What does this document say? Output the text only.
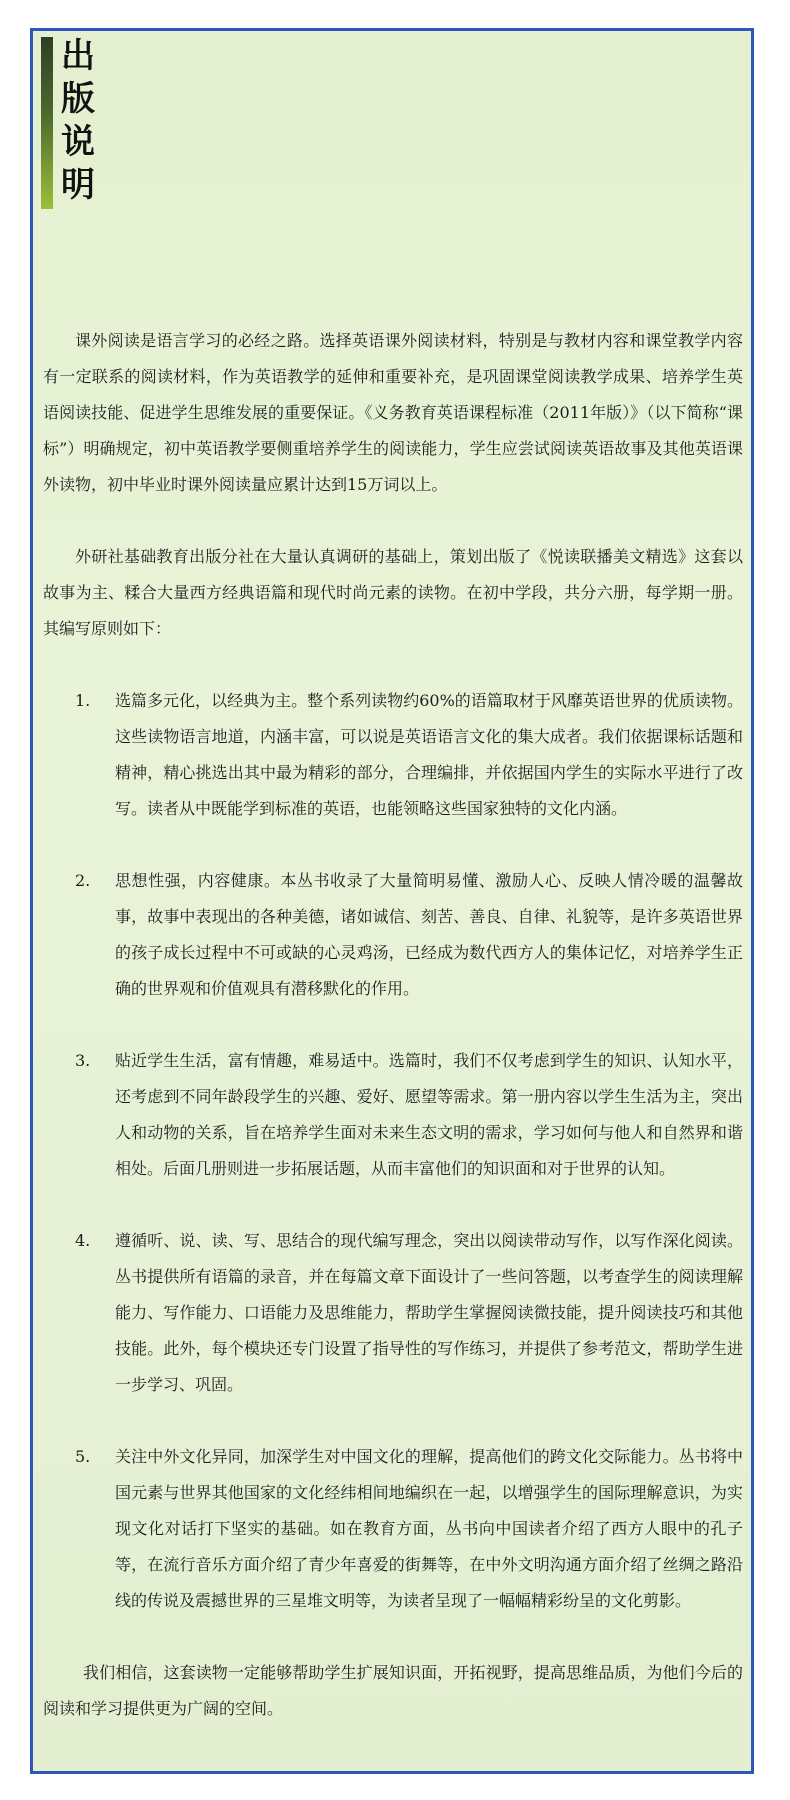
出
版
说
明

课外阅读是语言学习的必经之路。选择英语课外阅读材料，特别是与教材内容和课堂教学内容有一定联系的阅读材料，作为英语教学的延伸和重要补充，是巩固课堂阅读教学成果、培养学生英语阅读技能、促进学生思维发展的重要保证。《义务教育英语课程标准（2011年版）》（以下简称“课标”）明确规定，初中英语教学要侧重培养学生的阅读能力，学生应尝试阅读英语故事及其他英语课外读物，初中毕业时课外阅读量应累计达到15万词以上。

外研社基础教育出版分社在大量认真调研的基础上，策划出版了《悦读联播美文精选》这套以故事为主、糅合大量西方经典语篇和现代时尚元素的读物。在初中学段，共分六册，每学期一册。其编写原则如下：

1. 选篇多元化，以经典为主。整个系列读物约60%的语篇取材于风靡英语世界的优质读物。这些读物语言地道，内涵丰富，可以说是英语语言文化的集大成者。我们依据课标话题和精神，精心挑选出其中最为精彩的部分，合理编排，并依据国内学生的实际水平进行了改写。读者从中既能学到标准的英语，也能领略这些国家独特的文化内涵。
2. 思想性强，内容健康。本丛书收录了大量简明易懂、激励人心、反映人情冷暖的温馨故事，故事中表现出的各种美德，诸如诚信、刻苦、善良、自律、礼貌等，是许多英语世界的孩子成长过程中不可或缺的心灵鸡汤，已经成为数代西方人的集体记忆，对培养学生正确的世界观和价值观具有潜移默化的作用。
3. 贴近学生生活，富有情趣，难易适中。选篇时，我们不仅考虑到学生的知识、认知水平，还考虑到不同年龄段学生的兴趣、爱好、愿望等需求。第一册内容以学生生活为主，突出人和动物的关系，旨在培养学生面对未来生态文明的需求，学习如何与他人和自然界和谐相处。后面几册则进一步拓展话题，从而丰富他们的知识面和对于世界的认知。
4. 遵循听、说、读、写、思结合的现代编写理念，突出以阅读带动写作，以写作深化阅读。丛书提供所有语篇的录音，并在每篇文章下面设计了一些问答题，以考查学生的阅读理解能力、写作能力、口语能力及思维能力，帮助学生掌握阅读微技能，提升阅读技巧和其他技能。此外，每个模块还专门设置了指导性的写作练习，并提供了参考范文，帮助学生进一步学习、巩固。
5. 关注中外文化异同，加深学生对中国文化的理解，提高他们的跨文化交际能力。丛书将中国元素与世界其他国家的文化经纬相间地编织在一起，以增强学生的国际理解意识，为实现文化对话打下坚实的基础。如在教育方面，丛书向中国读者介绍了西方人眼中的孔子等，在流行音乐方面介绍了青少年喜爱的街舞等，在中外文明沟通方面介绍了丝绸之路沿线的传说及震撼世界的三星堆文明等，为读者呈现了一幅幅精彩纷呈的文化剪影。

我们相信，这套读物一定能够帮助学生扩展知识面，开拓视野，提高思维品质，为他们今后的阅读和学习提供更为广阔的空间。
